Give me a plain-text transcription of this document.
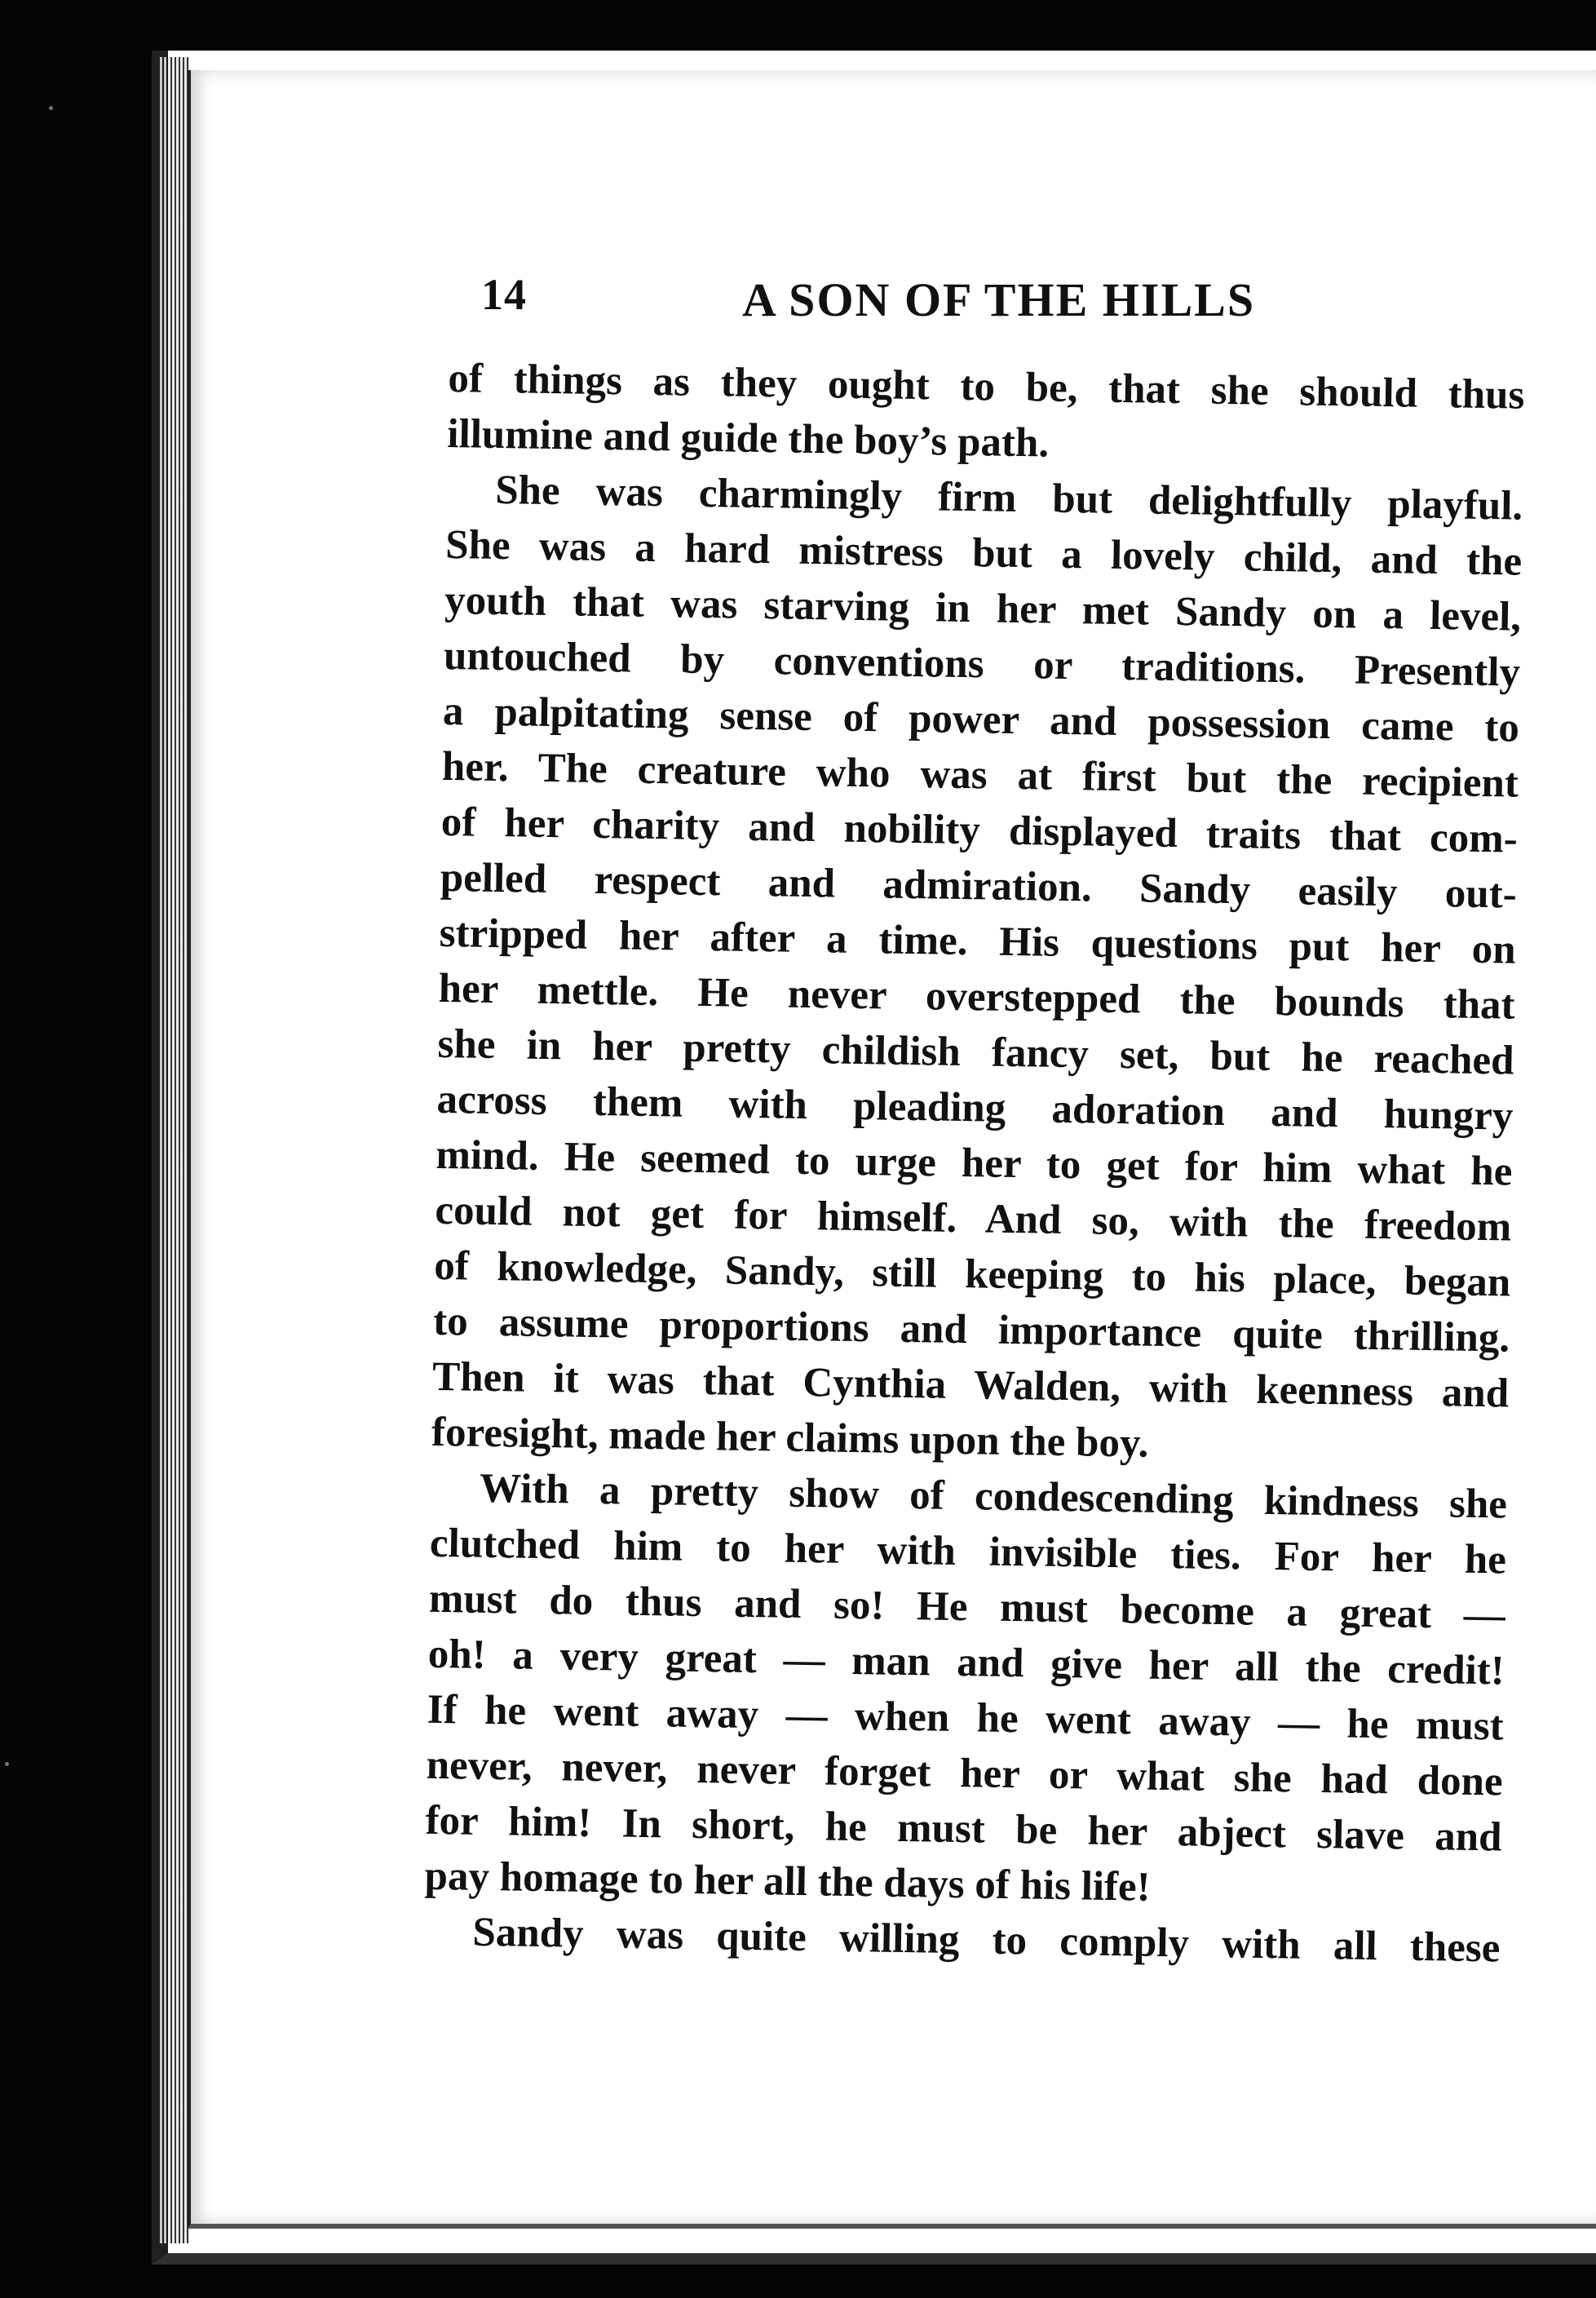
14	A SON OF THE HILLS
of things as they ought to be, that she should thus
illumine and guide the boy’s path.
She was charmingly firm but delightfully playful.
She was a hard mistress but a lovely child, and the
youth that was starving in her met Sandy on a level,
untouched by conventions or traditions. Presently
a palpitating sense of power and possession came to
her. The creature who was at first but the recipient
of her charity and nobility displayed traits that com-
pelled respect and admiration. Sandy easily out-
stripped her after a time. His questions put her on
her mettle. He never overstepped the bounds that
she in her pretty childish fancy set, but he reached
across them with pleading adoration and hungry
mind. He seemed to urge her to get for him what he
could not get for himself. And so, with the freedom
of knowledge, Sandy, still keeping to his place, began
to assume proportions and importance quite thrilling.
Then it was that Cynthia Walden, with keenness and
foresight, made her claims upon the boy.
With a pretty show of condescending kindness she
clutched him to her with invisible ties. For her he
must do thus and so! He must become a great —
oh! a very great — man and give her all the credit!
If he went away — when he went away — he must
never, never, never forget her or what she had done
for him! In short, he must be her abject slave and
pay homage to her all the days of his life!
Sandy was quite willing to comply with all these
